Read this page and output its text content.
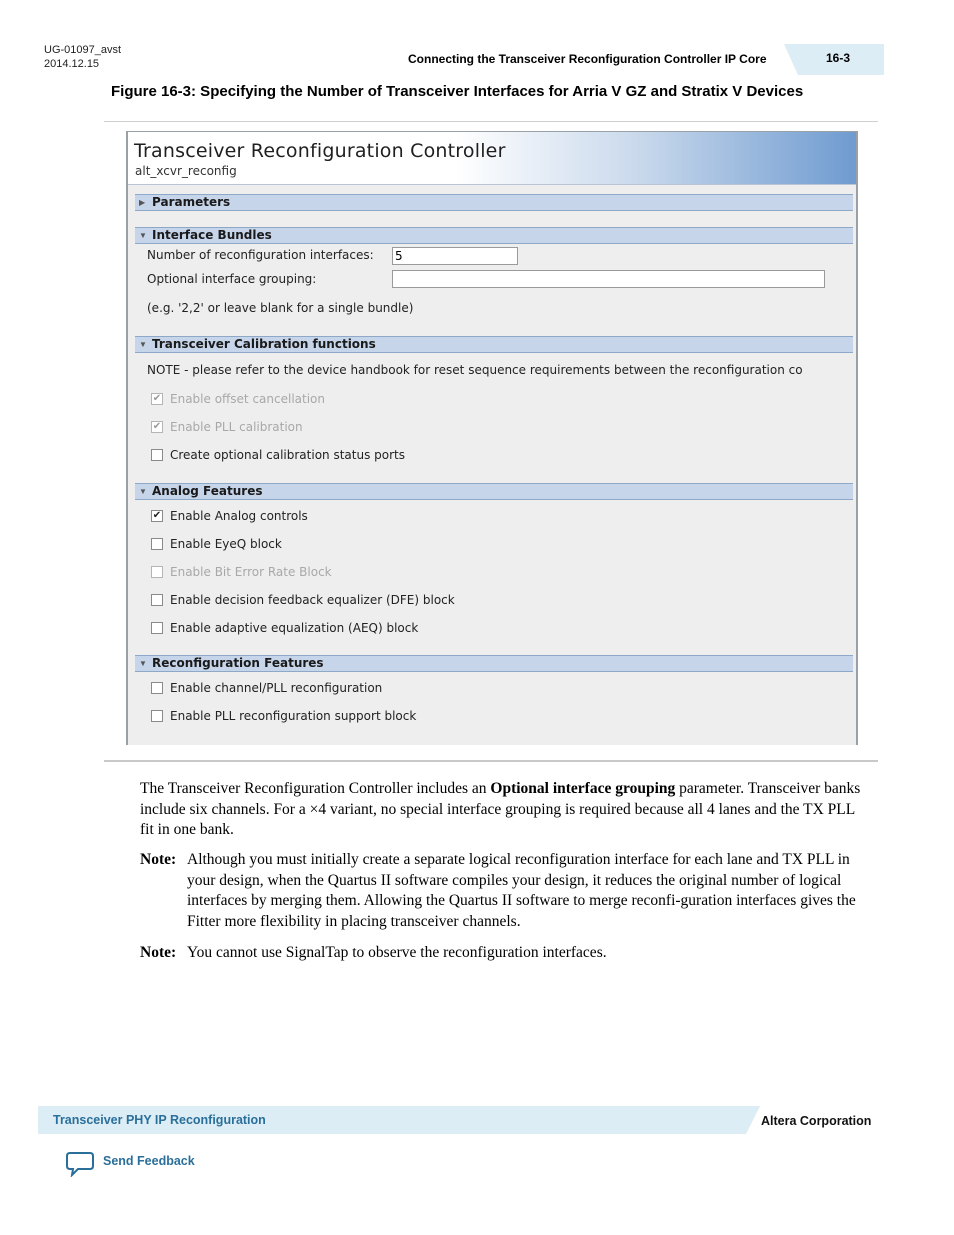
UG-01097_avst
2014.12.15	Connecting the Transceiver Reconfiguration Controller IP Core	16-3
Figure 16-3: Specifying the Number of Transceiver Interfaces for Arria V GZ and Stratix V Devices
Transceiver Reconfiguration Controller
alt_xcvr_reconfig
▶ Parameters
▼ Interface Bundles
Number of reconfiguration interfaces: 5
Optional interface grouping:
(e.g. '2,2' or leave blank for a single bundle)
▼ Transceiver Calibration functions
NOTE - please refer to the device handbook for reset sequence requirements between the reconfiguration co
✔ Enable offset cancellation
✔ Enable PLL calibration
Create optional calibration status ports
▼ Analog Features
✔ Enable Analog controls
Enable EyeQ block
Enable Bit Error Rate Block
Enable decision feedback equalizer (DFE) block
Enable adaptive equalization (AEQ) block
▼ Reconfiguration Features
Enable channel/PLL reconfiguration
Enable PLL reconfiguration support block
The Transceiver Reconfiguration Controller includes an Optional interface grouping parameter. Transceiver banks include six channels. For a ×4 variant, no special interface grouping is required because all 4 lanes and the TX PLL fit in one bank.
Note: Although you must initially create a separate logical reconfiguration interface for each lane and TX PLL in your design, when the Quartus II software compiles your design, it reduces the original number of logical interfaces by merging them. Allowing the Quartus II software to merge reconfi-guration interfaces gives the Fitter more flexibility in placing transceiver channels.
Note: You cannot use SignalTap to observe the reconfiguration interfaces.
Transceiver PHY IP Reconfiguration	Altera Corporation
Send Feedback
